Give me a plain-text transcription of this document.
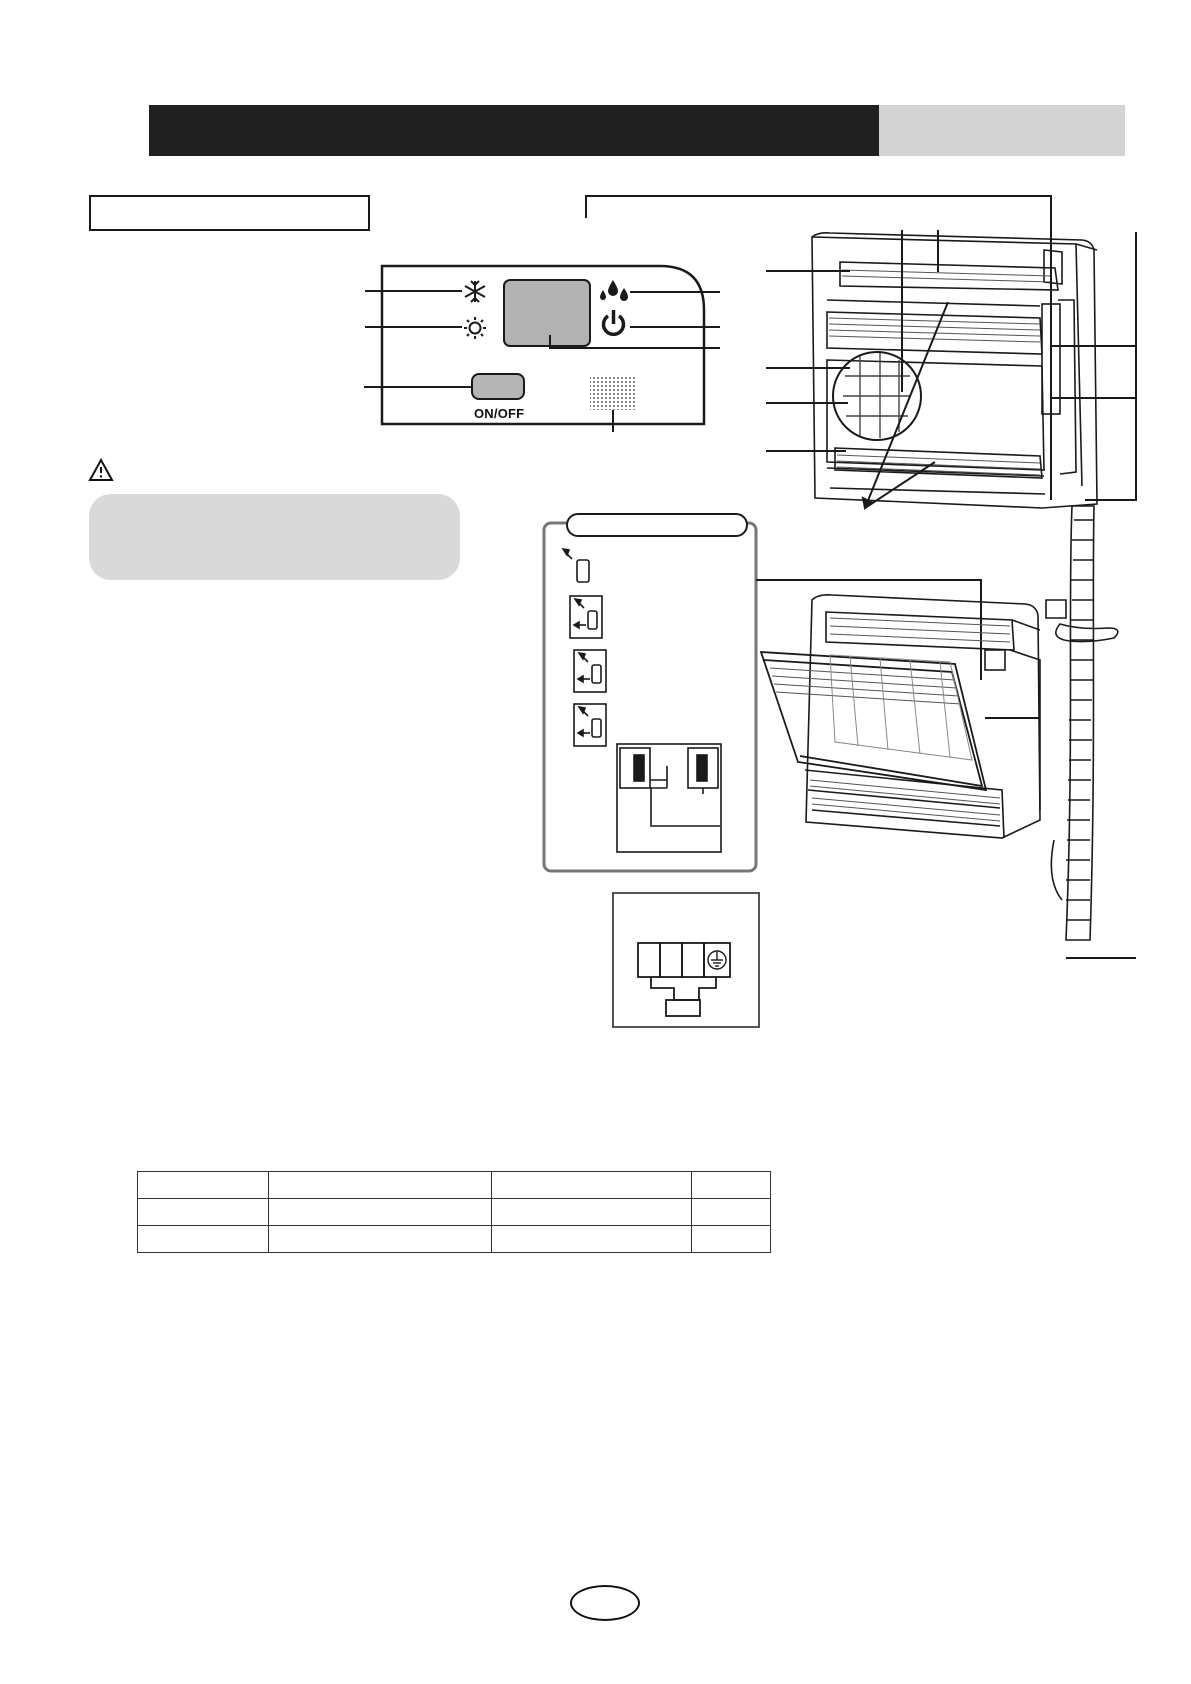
ON/OFF
